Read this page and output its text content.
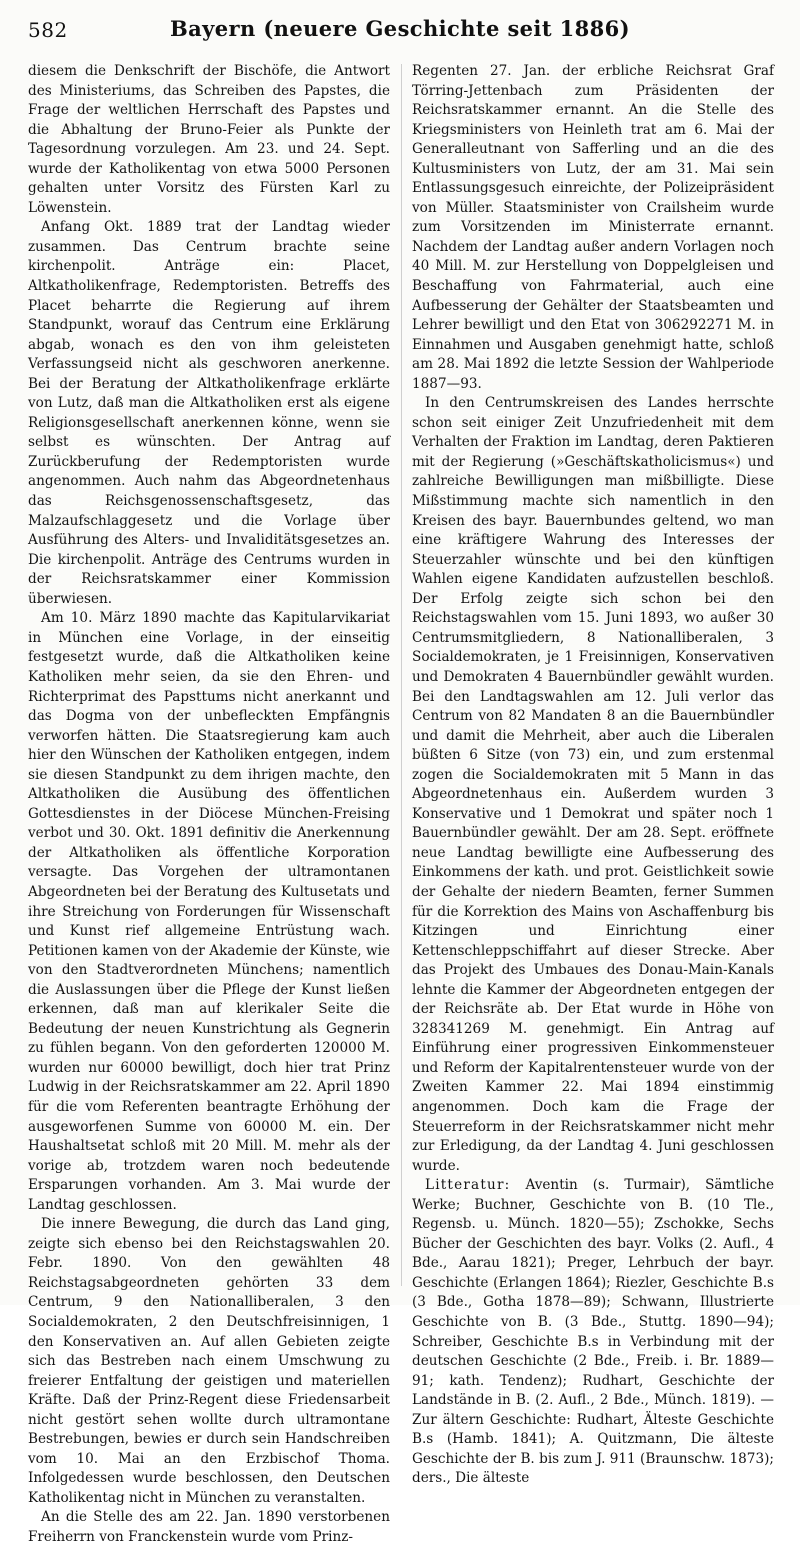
582	Bayern (neuere Geschichte seit 1886)

diesem die Denkschrift der Bischöfe, die Antwort des Ministeriums, das Schreiben des Papstes, die Frage der weltlichen Herrschaft des Papstes und die Abhaltung der Bruno-Feier als Punkte der Tagesordnung vorzulegen. Am 23. und 24. Sept. wurde der Katholikentag von etwa 5000 Personen gehalten unter Vorsitz des Fürsten Karl zu Löwenstein.

Anfang Okt. 1889 trat der Landtag wieder zusammen. Das Centrum brachte seine kirchenpolit. Anträge ein: Placet, Altkatholikenfrage, Redemptoristen. Betreffs des Placet beharrte die Regierung auf ihrem Standpunkt, worauf das Centrum eine Erklärung abgab, wonach es den von ihm geleisteten Verfassungseid nicht als geschworen anerkenne. Bei der Beratung der Altkatholikenfrage erklärte von Lutz, daß man die Altkatholiken erst als eigene Religionsgesellschaft anerkennen könne, wenn sie selbst es wünschten. Der Antrag auf Zurückberufung der Redemptoristen wurde angenommen. Auch nahm das Abgeordnetenhaus das Reichsgenossenschaftsgesetz, das Malzaufschlaggesetz und die Vorlage über Ausführung des Alters- und Invaliditätsgesetzes an. Die kirchenpolit. Anträge des Centrums wurden in der Reichsratskammer einer Kommission überwiesen.

Am 10. März 1890 machte das Kapitularvikariat in München eine Vorlage, in der einseitig festgesetzt wurde, daß die Altkatholiken keine Katholiken mehr seien, da sie den Ehren- und Richterprimat des Papsttums nicht anerkannt und das Dogma von der unbefleckten Empfängnis verworfen hätten. Die Staatsregierung kam auch hier den Wünschen der Katholiken entgegen, indem sie diesen Standpunkt zu dem ihrigen machte, den Altkatholiken die Ausübung des öffentlichen Gottesdienstes in der Diöcese München-Freising verbot und 30. Okt. 1891 definitiv die Anerkennung der Altkatholiken als öffentliche Korporation versagte. Das Vorgehen der ultramontanen Abgeordneten bei der Beratung des Kultusetats und ihre Streichung von Forderungen für Wissenschaft und Kunst rief allgemeine Entrüstung wach. Petitionen kamen von der Akademie der Künste, wie von den Stadtverordneten Münchens; namentlich die Auslassungen über die Pflege der Kunst ließen erkennen, daß man auf klerikaler Seite die Bedeutung der neuen Kunstrichtung als Gegnerin zu fühlen begann. Von den geforderten 120000 M. wurden nur 60000 bewilligt, doch hier trat Prinz Ludwig in der Reichsratskammer am 22. April 1890 für die vom Referenten beantragte Erhöhung der ausgeworfenen Summe von 60000 M. ein. Der Haushaltsetat schloß mit 20 Mill. M. mehr als der vorige ab, trotzdem waren noch bedeutende Ersparungen vorhanden. Am 3. Mai wurde der Landtag geschlossen.

Die innere Bewegung, die durch das Land ging, zeigte sich ebenso bei den Reichstagswahlen 20. Febr. 1890. Von den gewählten 48 Reichstagsabgeordneten gehörten 33 dem Centrum, 9 den Nationalliberalen, 3 den Socialdemokraten, 2 den Deutschfreisinnigen, 1 den Konservativen an. Auf allen Gebieten zeigte sich das Bestreben nach einem Umschwung zu freierer Entfaltung der geistigen und materiellen Kräfte. Daß der Prinz-Regent diese Friedensarbeit nicht gestört sehen wollte durch ultramontane Bestrebungen, bewies er durch sein Handschreiben vom 10. Mai an den Erzbischof Thoma. Infolgedessen wurde beschlossen, den Deutschen Katholikentag nicht in München zu veranstalten.

An die Stelle des am 22. Jan. 1890 verstorbenen Freiherrn von Franckenstein wurde vom Prinz-

Regenten 27. Jan. der erbliche Reichsrat Graf Törring-Jettenbach zum Präsidenten der Reichsratskammer ernannt. An die Stelle des Kriegsministers von Heinleth trat am 6. Mai der Generalleutnant von Safferling und an die des Kultusministers von Lutz, der am 31. Mai sein Entlassungsgesuch einreichte, der Polizeipräsident von Müller. Staatsminister von Crailsheim wurde zum Vorsitzenden im Ministerrate ernannt. Nachdem der Landtag außer andern Vorlagen noch 40 Mill. M. zur Herstellung von Doppelgleisen und Beschaffung von Fahrmaterial, auch eine Aufbesserung der Gehälter der Staatsbeamten und Lehrer bewilligt und den Etat von 306292271 M. in Einnahmen und Ausgaben genehmigt hatte, schloß am 28. Mai 1892 die letzte Session der Wahlperiode 1887—93.

In den Centrumskreisen des Landes herrschte schon seit einiger Zeit Unzufriedenheit mit dem Verhalten der Fraktion im Landtag, deren Paktieren mit der Regierung (»Geschäftskatholicismus«) und zahlreiche Bewilligungen man mißbilligte. Diese Mißstimmung machte sich namentlich in den Kreisen des bayr. Bauernbundes geltend, wo man eine kräftigere Wahrung des Interesses der Steuerzahler wünschte und bei den künftigen Wahlen eigene Kandidaten aufzustellen beschloß. Der Erfolg zeigte sich schon bei den Reichstagswahlen vom 15. Juni 1893, wo außer 30 Centrumsmitgliedern, 8 Nationalliberalen, 3 Socialdemokraten, je 1 Freisinnigen, Konservativen und Demokraten 4 Bauernbündler gewählt wurden. Bei den Landtagswahlen am 12. Juli verlor das Centrum von 82 Mandaten 8 an die Bauernbündler und damit die Mehrheit, aber auch die Liberalen büßten 6 Sitze (von 73) ein, und zum erstenmal zogen die Socialdemokraten mit 5 Mann in das Abgeordnetenhaus ein. Außerdem wurden 3 Konservative und 1 Demokrat und später noch 1 Bauernbündler gewählt. Der am 28. Sept. eröffnete neue Landtag bewilligte eine Aufbesserung des Einkommens der kath. und prot. Geistlichkeit sowie der Gehalte der niedern Beamten, ferner Summen für die Korrektion des Mains von Aschaffenburg bis Kitzingen und Einrichtung einer Kettenschleppschiffahrt auf dieser Strecke. Aber das Projekt des Umbaues des Donau-Main-Kanals lehnte die Kammer der Abgeordneten entgegen der der Reichsräte ab. Der Etat wurde in Höhe von 328341269 M. genehmigt. Ein Antrag auf Einführung einer progressiven Einkommensteuer und Reform der Kapitalrentensteuer wurde von der Zweiten Kammer 22. Mai 1894 einstimmig angenommen. Doch kam die Frage der Steuerreform in der Reichsratskammer nicht mehr zur Erledigung, da der Landtag 4. Juni geschlossen wurde.

Litteratur: Aventin (s. Turmair), Sämtliche Werke; Buchner, Geschichte von B. (10 Tle., Regensb. u. Münch. 1820—55); Zschokke, Sechs Bücher der Geschichten des bayr. Volks (2. Aufl., 4 Bde., Aarau 1821); Preger, Lehrbuch der bayr. Geschichte (Erlangen 1864); Riezler, Geschichte B.s (3 Bde., Gotha 1878—89); Schwann, Illustrierte Geschichte von B. (3 Bde., Stuttg. 1890—94); Schreiber, Geschichte B.s in Verbindung mit der deutschen Geschichte (2 Bde., Freib. i. Br. 1889—91; kath. Tendenz); Rudhart, Geschichte der Landstände in B. (2. Aufl., 2 Bde., Münch. 1819). — Zur ältern Geschichte: Rudhart, Älteste Geschichte B.s (Hamb. 1841); A. Quitzmann, Die älteste Geschichte der B. bis zum J. 911 (Braunschw. 1873); ders., Die älteste
